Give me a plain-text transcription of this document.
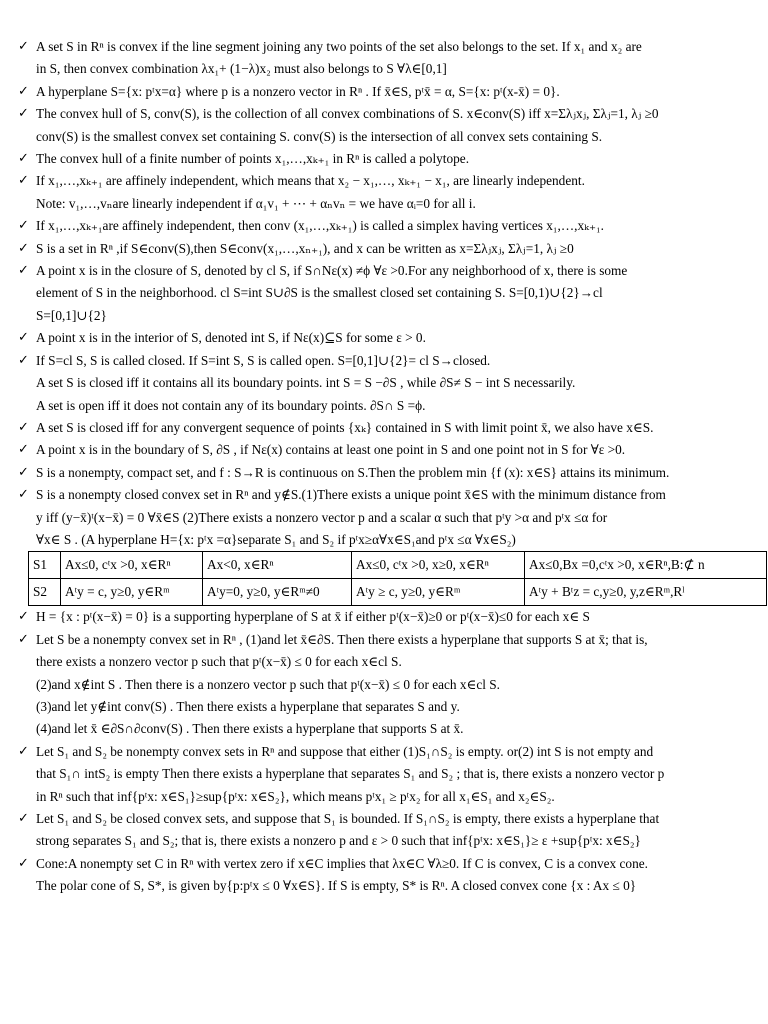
✓ A set S in Rⁿ is convex if the line segment joining any two points of the set also belongs to the set. If x₁ and x₂ are
in S, then convex combination λx₁+ (1−λ)x₂ must also belongs to S ∀λ∈[0,1]
✓ A hyperplane S={x: pᵗx=α} where p is a nonzero vector in Rⁿ . If x̄∈S, pᵗx̄ = α, S={x: pᵗ(x-x̄) = 0}.
✓ The convex hull of S, conv(S), is the collection of all convex combinations of S. x∈conv(S) iff x=Σλⱼxⱼ, Σλⱼ=1, λⱼ ≥0
conv(S) is the smallest convex set containing S. conv(S) is the intersection of all convex sets containing S.
✓ The convex hull of a finite number of points x₁,…,xₖ₊₁ in Rⁿ is called a polytope.
✓ If x₁,…,xₖ₊₁ are affinely independent, which means that x₂ − x₁,…, xₖ₊₁ − x₁, are linearly independent.
Note: v₁,…,vₙare linearly independent if α₁v₁ + ⋯ + αₙvₙ = we have αᵢ=0 for all i.
✓ If x₁,…,xₖ₊₁are affinely independent, then conv (x₁,…,xₖ₊₁) is called a simplex having vertices x₁,…,xₖ₊₁.
✓ S is a set in Rⁿ ,if S∈conv(S),then S∈conv(x₁,…,xₙ₊₁), and x can be written as x=Σλⱼxⱼ, Σλⱼ=1, λⱼ ≥0
✓ A point x is in the closure of S, denoted by cl S, if S∩Nε(x) ≠ϕ ∀ε >0.For any neighborhood of x, there is some
element of S in the neighborhood. cl S=int S∪∂S is the smallest closed set containing S. S=[0,1)∪{2}→cl
S=[0,1]∪{2}
✓ A point x is in the interior of S, denoted int S, if Nε(x)⊆S for some ε > 0.
✓ If S=cl S, S is called closed. If S=int S, S is called open. S=[0,1]∪{2}= cl S→closed.
A set S is closed iff it contains all its boundary points. int S = S −∂S , while ∂S≠ S − int S necessarily.
A set is open iff it does not contain any of its boundary points. ∂S∩ S =ϕ.
✓ A set S is closed iff for any convergent sequence of points {xₖ} contained in S with limit point x̄, we also have x∈S.
✓ A point x is in the boundary of S, ∂S , if Nε(x) contains at least one point in S and one point not in S for ∀ε >0.
✓ S is a nonempty, compact set, and f : S→R is continuous on S.Then the problem min {f (x): x∈S} attains its minimum.
✓ S is a nonempty closed convex set in Rⁿ and y∉S.(1)There exists a unique point x̄∈S with the minimum distance from
y iff (y−x̄)ᵗ(x−x̄) = 0 ∀x̄∈S (2)There exists a nonzero vector p and a scalar α such that pᵗy >α and pᵗx ≤α for
∀x∈ S . (A hyperplane H={x: pᵗx =α}separate S₁ and S₂ if pᵗx≥α∀x∈S₁and pᵗx ≤α ∀x∈S₂)
S1	Ax≤0, cᵗx >0, x∈Rⁿ	Ax<0, x∈Rⁿ	Ax≤0, cᵗx >0, x≥0, x∈Rⁿ	Ax≤0,Bx =0,cᵗx >0, x∈Rⁿ,B:⊄ n
S2	Aᵗy = c, y≥0, y∈Rᵐ	Aᵗy=0, y≥0, y∈Rᵐ≠0	Aᵗy ≥ c, y≥0, y∈Rᵐ	Aᵗy + Bᵗz = c,y≥0, y,z∈Rᵐ,Rˡ
✓ H = {x : pᵗ(x−x̄) = 0} is a supporting hyperplane of S at x̄ if either pᵗ(x−x̄)≥0 or pᵗ(x−x̄)≤0 for each x∈ S
✓ Let S be a nonempty convex set in Rⁿ , (1)and let x̄∈∂S. Then there exists a hyperplane that supports S at x̄; that is,
there exists a nonzero vector p such that pᵗ(x−x̄) ≤ 0 for each x∈cl S.
(2)and x∉int S . Then there is a nonzero vector p such that pᵗ(x−x̄) ≤ 0 for each x∈cl S.
(3)and let y∉int conv(S) . Then there exists a hyperplane that separates S and y.
(4)and let x̄ ∈∂S∩∂conv(S) . Then there exists a hyperplane that supports S at x̄.
✓ Let S₁ and S₂ be nonempty convex sets in Rⁿ and suppose that either (1)S₁∩S₂ is empty. or(2) int S is not empty and
that S₁∩ intS₂ is empty Then there exists a hyperplane that separates S₁ and S₂ ; that is, there exists a nonzero vector p
in Rⁿ such that inf{pᵗx: x∈S₁}≥sup{pᵗx: x∈S₂}, which means pᵗx₁ ≥ pᵗx₂ for all x₁∈S₁ and x₂∈S₂.
✓ Let S₁ and S₂ be closed convex sets, and suppose that S₁ is bounded. If S₁∩S₂ is empty, there exists a hyperplane that
strong separates S₁ and S₂; that is, there exists a nonzero p and ε > 0 such that inf{pᵗx: x∈S₁}≥ ε +sup{pᵗx: x∈S₂}
✓ Cone:A nonempty set C in Rⁿ with vertex zero if x∈C implies that λx∈C ∀λ≥0. If C is convex, C is a convex cone.
The polar cone of S, S*, is given by{p:pᵗx ≤ 0 ∀x∈S}. If S is empty, S* is Rⁿ. A closed convex cone {x : Ax ≤ 0}
